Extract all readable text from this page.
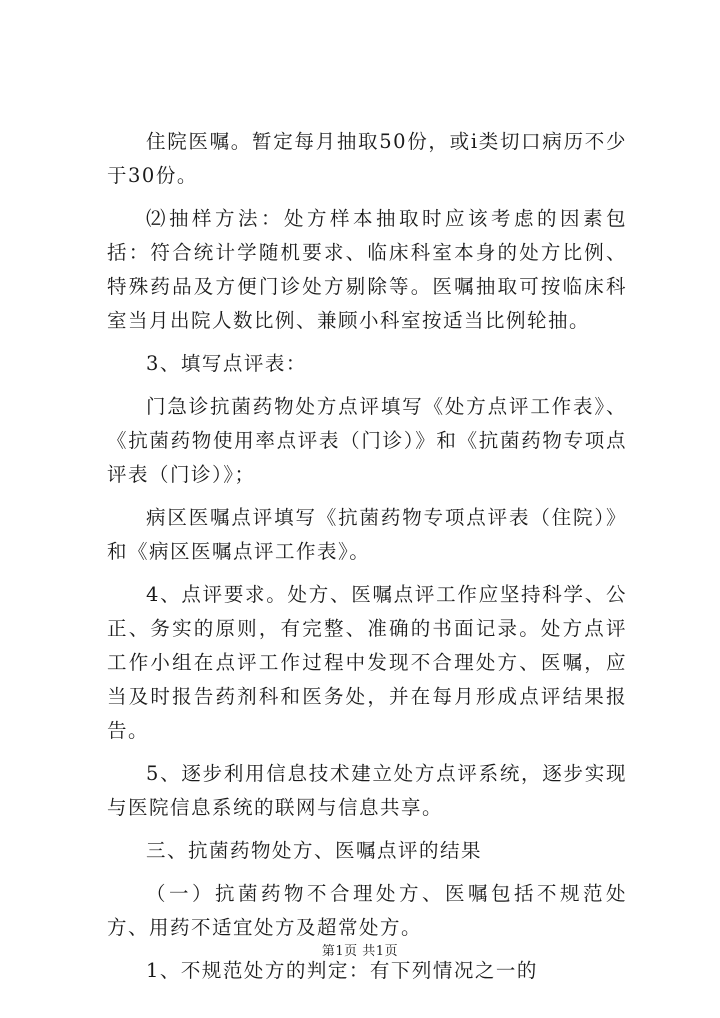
住院医嘱。暂定每月抽取50份，或i类切口病历不少于30份。

⑵抽样方法：处方样本抽取时应该考虑的因素包括：符合统计学随机要求、临床科室本身的处方比例、特殊药品及方便门诊处方剔除等。医嘱抽取可按临床科室当月出院人数比例、兼顾小科室按适当比例轮抽。

3、填写点评表：

门急诊抗菌药物处方点评填写《处方点评工作表》、《抗菌药物使用率点评表（门诊）》和《抗菌药物专项点评表（门诊）》；

病区医嘱点评填写《抗菌药物专项点评表（住院）》和《病区医嘱点评工作表》。

4、点评要求。处方、医嘱点评工作应坚持科学、公正、务实的原则，有完整、准确的书面记录。处方点评工作小组在点评工作过程中发现不合理处方、医嘱，应当及时报告药剂科和医务处，并在每月形成点评结果报告。

5、逐步利用信息技术建立处方点评系统，逐步实现与医院信息系统的联网与信息共享。

三、抗菌药物处方、医嘱点评的结果

（一）抗菌药物不合理处方、医嘱包括不规范处方、用药不适宜处方及超常处方。

1、不规范处方的判定：有下列情况之一的

第1页 共1页
